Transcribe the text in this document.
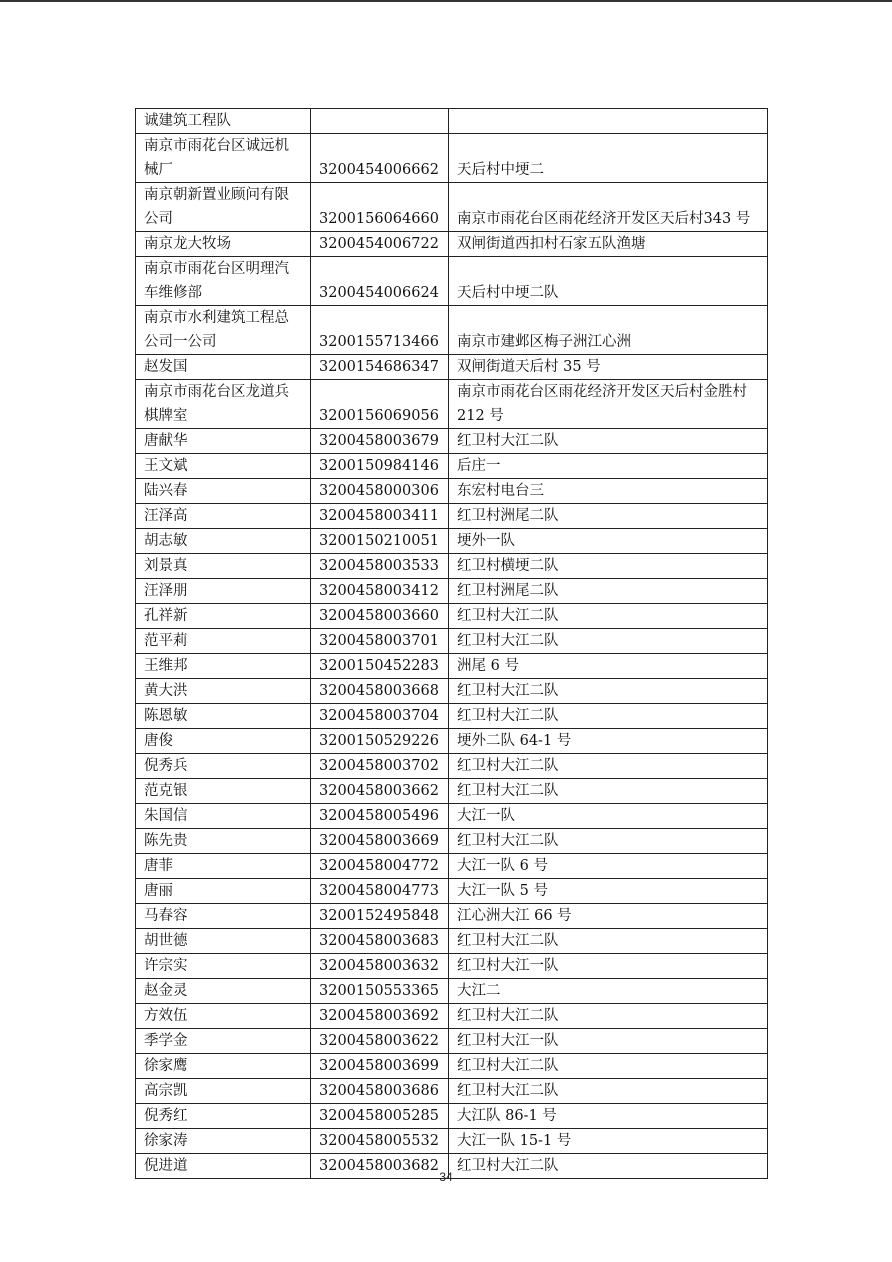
诚建筑工程队		
南京市雨花台区诚远机械厂	3200454006662	天后村中埂二
南京朝新置业顾问有限公司	3200156064660	南京市雨花台区雨花经济开发区天后村343 号
南京龙大牧场	3200454006722	双闸街道西扣村石家五队渔塘
南京市雨花台区明理汽车维修部	3200454006624	天后村中埂二队
南京市水利建筑工程总公司一公司	3200155713466	南京市建邺区梅子洲江心洲
赵发国	3200154686347	双闸街道天后村 35 号
南京市雨花台区龙道兵棋牌室	3200156069056	南京市雨花台区雨花经济开发区天后村金胜村 212 号
唐献华	3200458003679	红卫村大江二队
王文斌	3200150984146	后庄一
陆兴春	3200458000306	东宏村电台三
汪泽高	3200458003411	红卫村洲尾二队
胡志敏	3200150210051	埂外一队
刘景真	3200458003533	红卫村横埂二队
汪泽朋	3200458003412	红卫村洲尾二队
孔祥新	3200458003660	红卫村大江二队
范平莉	3200458003701	红卫村大江二队
王维邦	3200150452283	洲尾 6 号
黄大洪	3200458003668	红卫村大江二队
陈恩敏	3200458003704	红卫村大江二队
唐俊	3200150529226	埂外二队 64-1 号
倪秀兵	3200458003702	红卫村大江二队
范克银	3200458003662	红卫村大江二队
朱国信	3200458005496	大江一队
陈先贵	3200458003669	红卫村大江二队
唐菲	3200458004772	大江一队 6 号
唐丽	3200458004773	大江一队 5 号
马春容	3200152495848	江心洲大江 66 号
胡世德	3200458003683	红卫村大江二队
许宗实	3200458003632	红卫村大江一队
赵金灵	3200150553365	大江二
方效伍	3200458003692	红卫村大江二队
季学金	3200458003622	红卫村大江一队
徐家鹰	3200458003699	红卫村大江二队
高宗凯	3200458003686	红卫村大江二队
倪秀红	3200458005285	大江队 86-1 号
徐家涛	3200458005532	大江一队 15-1 号
倪进道	3200458003682	红卫村大江二队
34
